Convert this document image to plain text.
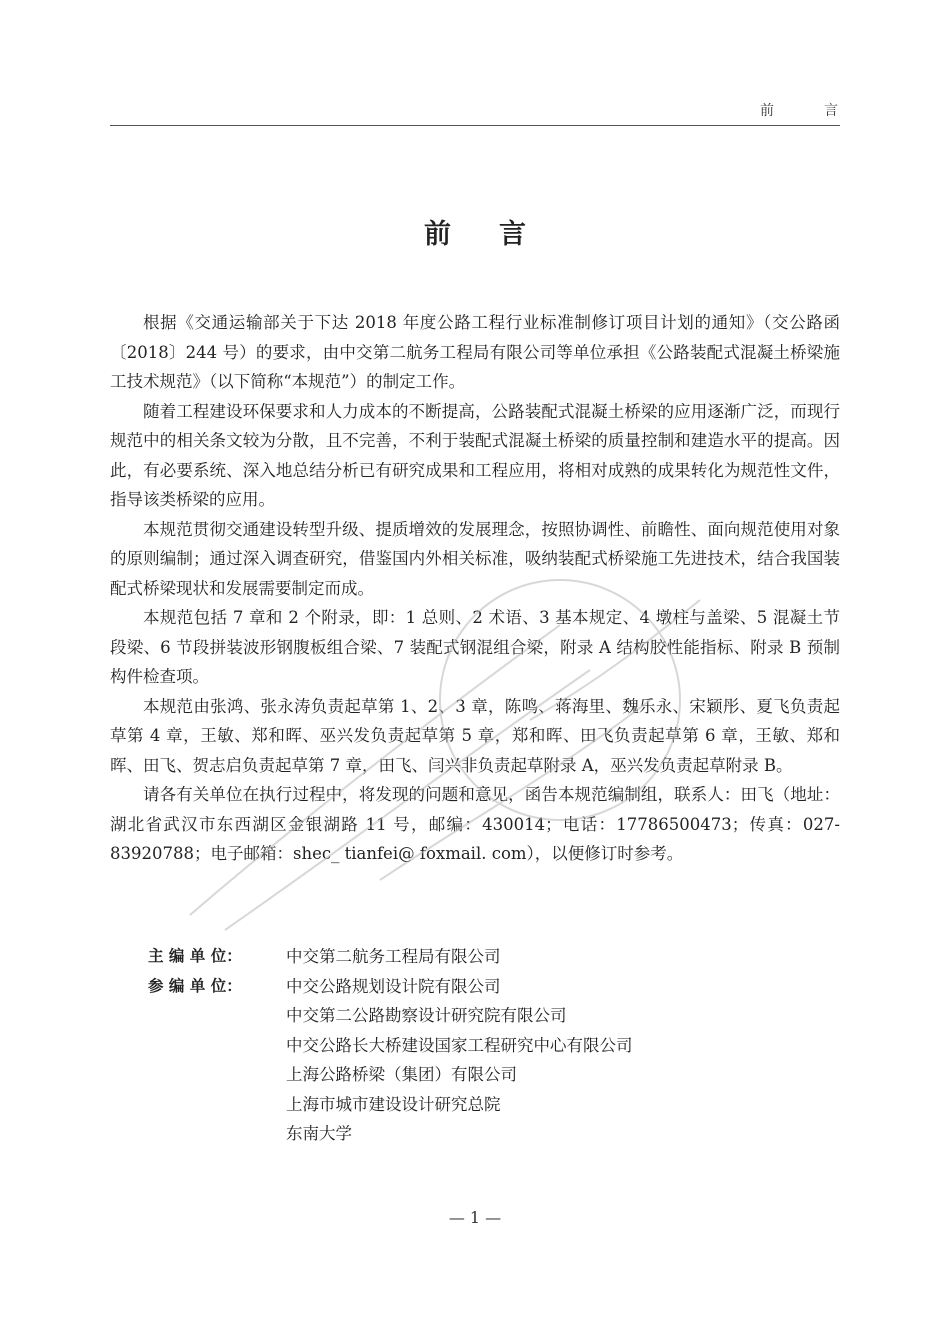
前　言
前言

根据《交通运输部关于下达 2018 年度公路工程行业标准制修订项目计划的通知》（交公路函〔2018〕244 号）的要求，由中交第二航务工程局有限公司等单位承担《公路装配式混凝土桥梁施工技术规范》（以下简称“本规范”）的制定工作。

随着工程建设环保要求和人力成本的不断提高，公路装配式混凝土桥梁的应用逐渐广泛，而现行规范中的相关条文较为分散，且不完善，不利于装配式混凝土桥梁的质量控制和建造水平的提高。因此，有必要系统、深入地总结分析已有研究成果和工程应用，将相对成熟的成果转化为规范性文件，指导该类桥梁的应用。

本规范贯彻交通建设转型升级、提质增效的发展理念，按照协调性、前瞻性、面向规范使用对象的原则编制；通过深入调查研究，借鉴国内外相关标准，吸纳装配式桥梁施工先进技术，结合我国装配式桥梁现状和发展需要制定而成。

本规范包括 7 章和 2 个附录，即：1 总则、2 术语、3 基本规定、4 墩柱与盖梁、5 混凝土节段梁、6 节段拼装波形钢腹板组合梁、7 装配式钢混组合梁，附录 A 结构胶性能指标、附录 B 预制构件检查项。

本规范由张鸿、张永涛负责起草第 1、2、3 章，陈鸣、蒋海里、魏乐永、宋颖彤、夏飞负责起草第 4 章，王敏、郑和晖、巫兴发负责起草第 5 章，郑和晖、田飞负责起草第 6 章，王敏、郑和晖、田飞、贺志启负责起草第 7 章，田飞、闫兴非负责起草附录 A，巫兴发负责起草附录 B。

请各有关单位在执行过程中，将发现的问题和意见，函告本规范编制组，联系人：田飞（地址：湖北省武汉市东西湖区金银湖路 11 号，邮编：430014；电话：17786500473；传真：027-83920788；电子邮箱：shec_ tianfei@ foxmail. com），以便修订时参考。

主 编 单 位：	中交第二航务工程局有限公司
参 编 单 位：	中交公路规划设计院有限公司
中交第二公路勘察设计研究院有限公司
中交公路长大桥建设国家工程研究中心有限公司
上海公路桥梁（集团）有限公司
上海市城市建设设计研究总院
东南大学
— 1 —
